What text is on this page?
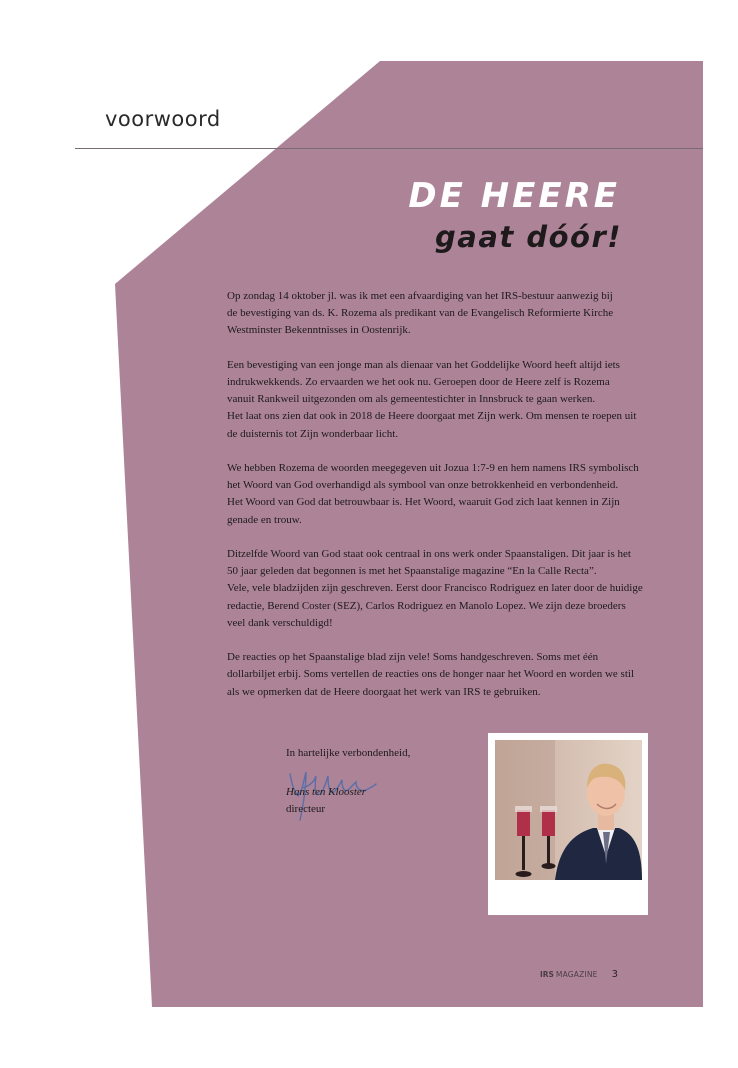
voorwoord
DE HEERE
gaat dóór!

Op zondag 14 oktober jl. was ik met een afvaardiging van het IRS-bestuur aanwezig bij
de bevestiging van ds. K. Rozema als predikant van de Evangelisch Reformierte Kirche
Westminster Bekenntnisses in Oostenrijk.

Een bevestiging van een jonge man als dienaar van het Goddelijke Woord heeft altijd iets
indrukwekkends. Zo ervaarden we het ook nu. Geroepen door de Heere zelf is Rozema
vanuit Rankweil uitgezonden om als gemeentestichter in Innsbruck te gaan werken.
Het laat ons zien dat ook in 2018 de Heere doorgaat met Zijn werk. Om mensen te roepen uit
de duisternis tot Zijn wonderbaar licht.

We hebben Rozema de woorden meegegeven uit Jozua 1:7-9 en hem namens IRS symbolisch
het Woord van God overhandigd als symbool van onze betrokkenheid en verbondenheid.
Het Woord van God dat betrouwbaar is. Het Woord, waaruit God zich laat kennen in Zijn
genade en trouw.

Ditzelfde Woord van God staat ook centraal in ons werk onder Spaanstaligen. Dit jaar is het
50 jaar geleden dat begonnen is met het Spaanstalige magazine “En la Calle Recta”.
Vele, vele bladzijden zijn geschreven. Eerst door Francisco Rodriguez en later door de huidige
redactie, Berend Coster (SEZ), Carlos Rodriguez en Manolo Lopez. We zijn deze broeders
veel dank verschuldigd!

De reacties op het Spaanstalige blad zijn vele! Soms handgeschreven. Soms met één
dollarbiljet erbij. Soms vertellen de reacties ons de honger naar het Woord en worden we stil
als we opmerken dat de Heere doorgaat het werk van IRS te gebruiken.

In hartelijke verbondenheid,
Hans ten Klooster
directeur
IRS MAGAZINE 3
